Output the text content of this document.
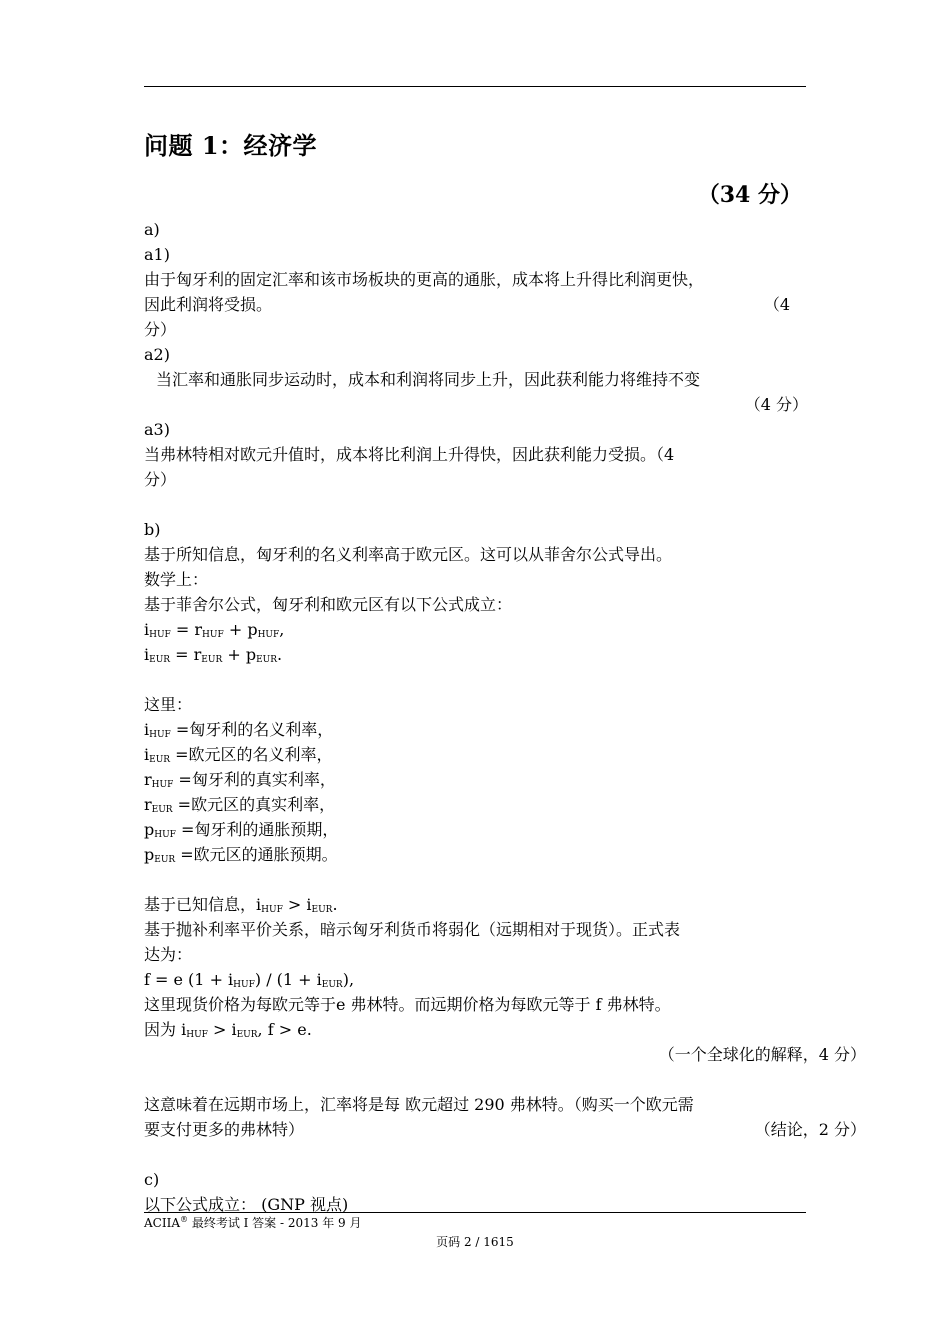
问题 1：经济学
（34 分）
a)
a1)
由于匈牙利的固定汇率和该市场板块的更高的通胀，成本将上升得比利润更快，
因此利润将受损。	（4
分）
a2)
当汇率和通胀同步运动时，成本和利润将同步上升，因此获利能力将维持不变
（4 分）
a3)
当弗林特相对欧元升值时，成本将比利润上升得快，因此获利能力受损。（4
分）
b)
基于所知信息，匈牙利的名义利率高于欧元区。这可以从菲舍尔公式导出。
数学上：
基于菲舍尔公式，匈牙利和欧元区有以下公式成立：
$i_{HUF} = r_{HUF} + p_{HUF}$,
$i_{EUR} = r_{EUR} + p_{EUR}$.
这里：
$i_{HUF}$ =匈牙利的名义利率，
$i_{EUR}$ =欧元区的名义利率，
$r_{HUF}$ =匈牙利的真实利率，
$r_{EUR}$ =欧元区的真实利率，
$p_{HUF}$ =匈牙利的通胀预期，
$p_{EUR}$ =欧元区的通胀预期。
基于已知信息，$i_{HUF} > i_{EUR}$.
基于抛补利率平价关系，暗示匈牙利货币将弱化（远期相对于现货）。正式表
达为：
f = e $(1 + i_{HUF}) / (1 + i_{EUR})$,
这里现货价格为每欧元等于e 弗林特。而远期价格为每欧元等于 f 弗林特。
因为 $i_{HUF} > i_{EUR}$, f > e.
（一个全球化的解释，4 分）
这意味着在远期市场上，汇率将是每 欧元超过 290 弗林特。（购买一个欧元需
要支付更多的弗林特）	（结论，2 分）
c)
以下公式成立： (GNP 视点)
ACIIA® 最终考试 I 答案 - 2013 年 9 月
页码 2 / 1615
